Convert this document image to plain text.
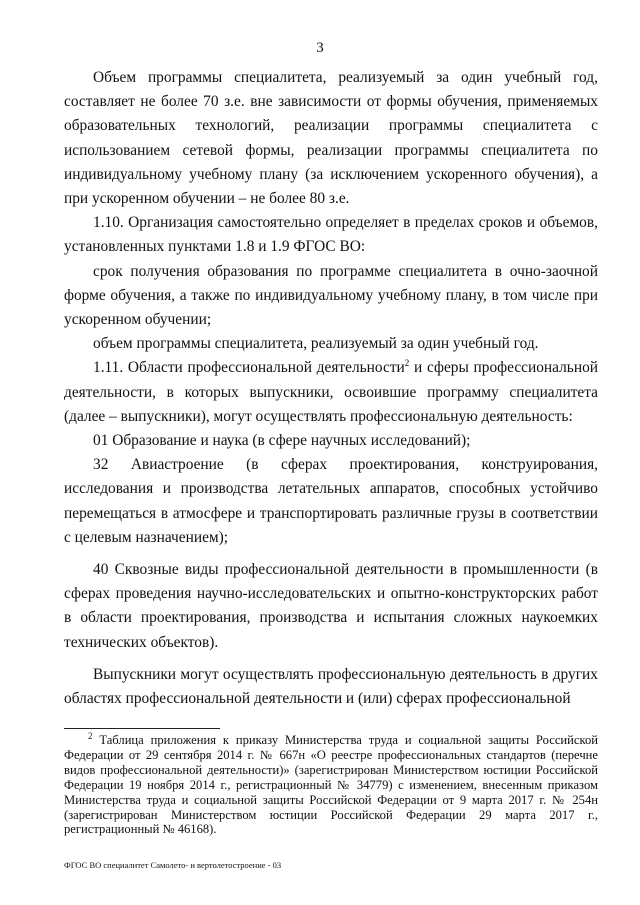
3

Объем программы специалитета, реализуемый за один учебный год, составляет не более 70 з.е. вне зависимости от формы обучения, применяемых образовательных технологий, реализации программы специалитета с использованием сетевой формы, реализации программы специалитета по индивидуальному учебному плану (за исключением ускоренного обучения), а при ускоренном обучении – не более 80 з.е.

1.10. Организация самостоятельно определяет в пределах сроков и объемов, установленных пунктами 1.8 и 1.9 ФГОС ВО:

срок получения образования по программе специалитета в очно-заочной форме обучения, а также по индивидуальному учебному плану, в том числе при ускоренном обучении;

объем программы специалитета, реализуемый за один учебный год.

1.11. Области профессиональной деятельности$^2$ и сферы профессиональной деятельности, в которых выпускники, освоившие программу специалитета (далее – выпускники), могут осуществлять профессиональную деятельность:

01 Образование и наука (в сфере научных исследований);

32 Авиастроение (в сферах проектирования, конструирования, исследования и производства летательных аппаратов, способных устойчиво перемещаться в атмосфере и транспортировать различные грузы в соответствии с целевым назначением);

40 Сквозные виды профессиональной деятельности в промышленности (в сферах проведения научно-исследовательских и опытно-конструкторских работ в области проектирования, производства и испытания сложных наукоемких технических объектов).

Выпускники могут осуществлять профессиональную деятельность в других областях профессиональной деятельности и (или) сферах профессиональной

$^2$ Таблица приложения к приказу Министерства труда и социальной защиты Российской Федерации от 29 сентября 2014 г. № 667н «О реестре профессиональных стандартов (перечне видов профессиональной деятельности)» (зарегистрирован Министерством юстиции Российской Федерации 19 ноября 2014 г., регистрационный № 34779) с изменением, внесенным приказом Министерства труда и социальной защиты Российской Федерации от 9 марта 2017 г. № 254н (зарегистрирован Министерством юстиции Российской Федерации 29 марта 2017 г., регистрационный № 46168).
ФГОС ВО специалитет Самолето- и вертолетостроение - 03
